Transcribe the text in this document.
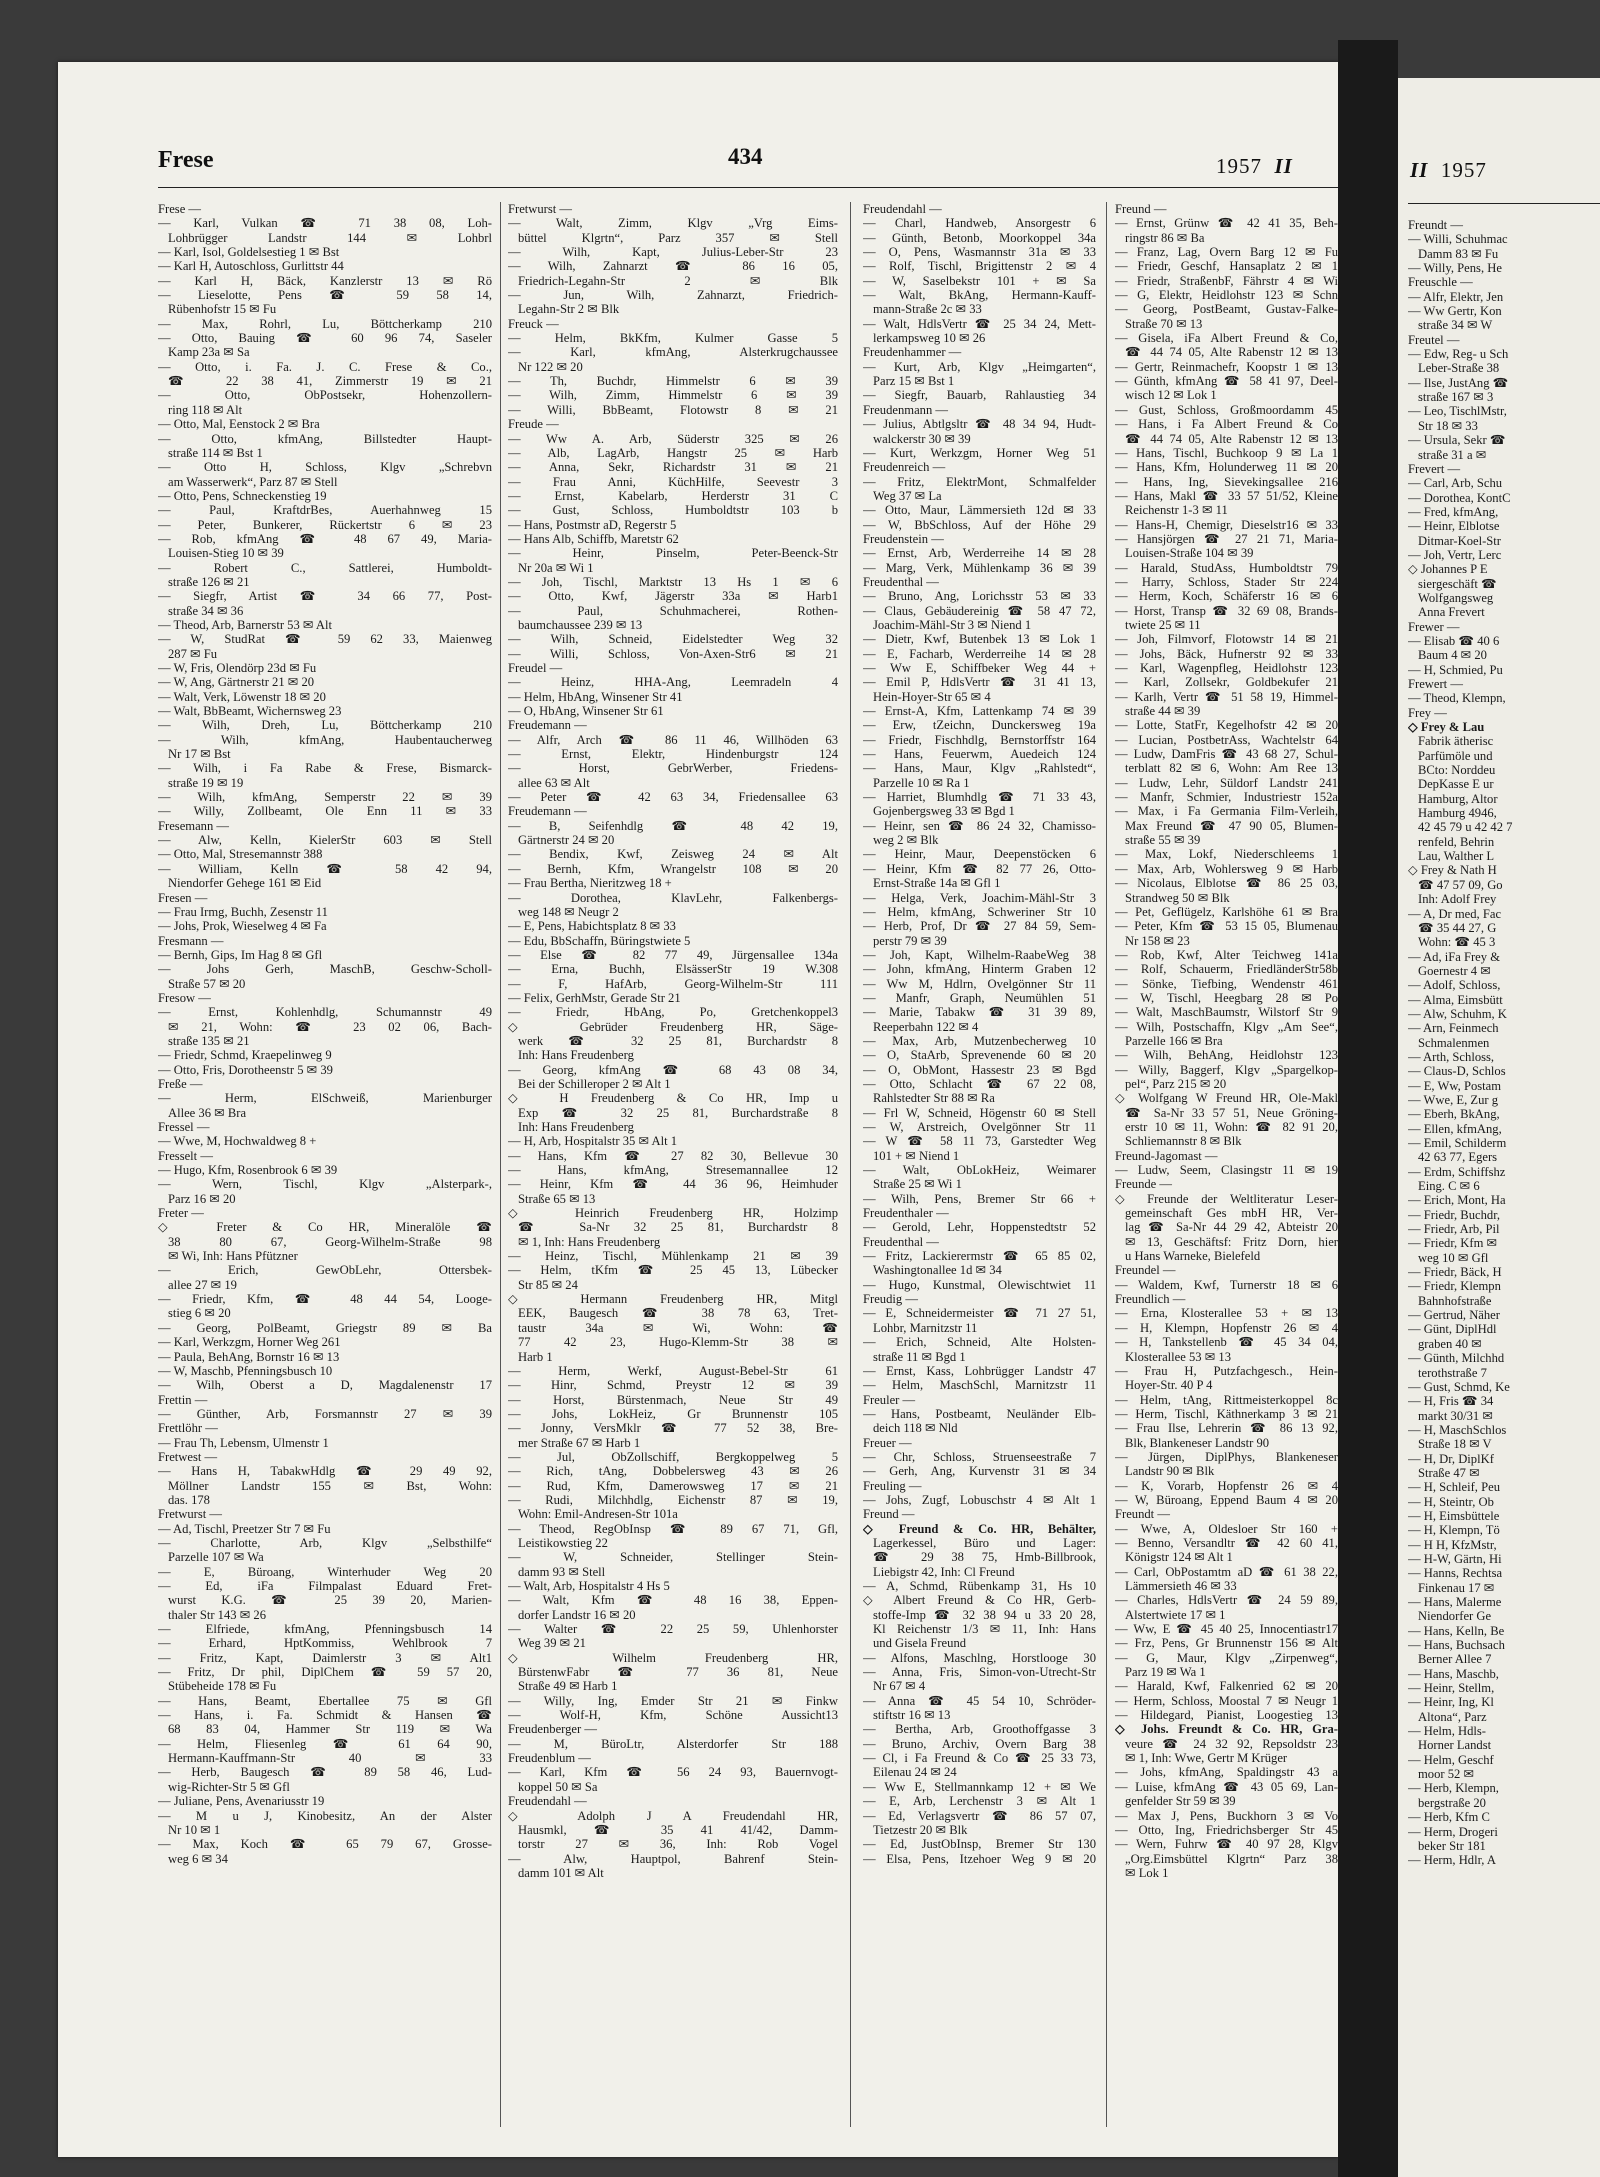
Frese	434	1957 II
Frese —
— Karl, Vulkan ☎ 71 38 08, Loh-
Lohbrügger Landstr 144 ✉ Lohbrl
— Karl, Isol, Goldelsestieg 1 ✉ Bst
— Karl H, Autoschloss, Gurlittstr 44
— Karl H, Bäck, Kanzlerstr 13 ✉ Rö
— Lieselotte, Pens ☎ 59 58 14,
Rübenhofstr 15 ✉ Fu
— Max, Rohrl, Lu, Böttcherkamp 210
— Otto, Bauing ☎ 60 96 74, Saseler
Kamp 23a ✉ Sa
— Otto, i. Fa. J. C. Frese & Co.,
☎ 22 38 41, Zimmerstr 19 ✉ 21
— Otto, ObPostsekr, Hohenzollern-
ring 118 ✉ Alt
— Otto, Mal, Eenstock 2 ✉ Bra
— Otto, kfmAng, Billstedter Haupt-
straße 114 ✉ Bst 1
— Otto H, Schloss, Klgv „Schrebvn
am Wasserwerk“, Parz 87 ✉ Stell
— Otto, Pens, Schneckenstieg 19
— Paul, KraftdrBes, Auerhahnweg 15
— Peter, Bunkerer, Rückertstr 6 ✉ 23
— Rob, kfmAng ☎ 48 67 49, Maria-
Louisen-Stieg 10 ✉ 39
— Robert C., Sattlerei, Humboldt-
straße 126 ✉ 21
— Siegfr, Artist ☎ 34 66 77, Post-
straße 34 ✉ 36
— Theod, Arb, Barnerstr 53 ✉ Alt
— W, StudRat ☎ 59 62 33, Maienweg
287 ✉ Fu
— W, Fris, Olendörp 23d ✉ Fu
— W, Ang, Gärtnerstr 21 ✉ 20
— Walt, Verk, Löwenstr 18 ✉ 20
— Walt, BbBeamt, Wichernsweg 23
— Wilh, Dreh, Lu, Böttcherkamp 210
— Wilh, kfmAng, Haubentaucherweg
Nr 17 ✉ Bst
— Wilh, i Fa Rabe & Frese, Bismarck-
straße 19 ✉ 19
— Wilh, kfmAng, Semperstr 22 ✉ 39
— Willy, Zollbeamt, Ole Enn 11 ✉ 33
Fresemann —
— Alw, Kelln, KielerStr 603 ✉ Stell
— Otto, Mal, Stresemannstr 388
— William, Kelln ☎ 58 42 94,
Niendorfer Gehege 161 ✉ Eid
Fresen —
— Frau Irmg, Buchh, Zesenstr 11
— Johs, Prok, Wieselweg 4 ✉ Fa
Fresmann —
— Bernh, Gips, Im Hag 8 ✉ Gfl
— Johs Gerh, MaschB, Geschw-Scholl-
Straße 57 ✉ 20
Fresow —
— Ernst, Kohlenhdlg, Schumannstr 49
✉ 21, Wohn: ☎ 23 02 06, Bach-
straße 135 ✉ 21
— Friedr, Schmd, Kraepelinweg 9
— Otto, Fris, Dorotheenstr 5 ✉ 39
Freße —
— Herm, ElSchweiß, Marienburger
Allee 36 ✉ Bra
Fressel —
— Wwe, M, Hochwaldweg 8 +
Fresselt —
— Hugo, Kfm, Rosenbrook 6 ✉ 39
— Wern, Tischl, Klgv „Alsterpark-,
Parz 16 ✉ 20
Freter —
◇ Freter & Co HR, Mineralöle ☎
38 80 67, Georg-Wilhelm-Straße 98
✉ Wi, Inh: Hans Pfützner
— Erich, GewObLehr, Ottersbek-
allee 27 ✉ 19
— Friedr, Kfm, ☎ 48 44 54, Looge-
stieg 6 ✉ 20
— Georg, PolBeamt, Griegstr 89 ✉ Ba
— Karl, Werkzgm, Horner Weg 261
— Paula, BehAng, Bornstr 16 ✉ 13
— W, Maschb, Pfenningsbusch 10
— Wilh, Oberst a D, Magdalenenstr 17
Frettin —
— Günther, Arb, Forsmannstr 27 ✉ 39
Frettlöhr —
— Frau Th, Lebensm, Ulmenstr 1
Fretwest —
— Hans H, TabakwHdlg ☎ 29 49 92,
Möllner Landstr 155 ✉ Bst, Wohn:
das. 178
Fretwurst —
— Ad, Tischl, Preetzer Str 7 ✉ Fu
— Charlotte, Arb, Klgv „Selbsthilfe“
Parzelle 107 ✉ Wa
— E, Büroang, Winterhuder Weg 20
— Ed, iFa Filmpalast Eduard Fret-
wurst K.G. ☎ 25 39 20, Marien-
thaler Str 143 ✉ 26
— Elfriede, kfmAng, Pfenningsbusch 14
— Erhard, HptKommiss, Wehlbrook 7
— Fritz, Kapt, Daimlerstr 3 ✉ Alt1
— Fritz, Dr phil, DiplChem ☎ 59 57 20,
Stübeheide 178 ✉ Fu
— Hans, Beamt, Ebertallee 75 ✉ Gfl
— Hans, i. Fa. Schmidt & Hansen ☎
68 83 04, Hammer Str 119 ✉ Wa
— Helm, Fliesenleg ☎ 61 64 90,
Hermann-Kauffmann-Str 40 ✉ 33
— Herb, Baugesch ☎ 89 58 46, Lud-
wig-Richter-Str 5 ✉ Gfl
— Juliane, Pens, Avenariusstr 19
— M u J, Kinobesitz, An der Alster
Nr 10 ✉ 1
— Max, Koch ☎ 65 79 67, Grosse-
weg 6 ✉ 34
Fretwurst —
— Walt, Zimm, Klgv „Vrg Eims-
büttel Klgrtn“, Parz 357 ✉ Stell
— Wilh, Kapt, Julius-Leber-Str 23
— Wilh, Zahnarzt ☎ 86 16 05,
Friedrich-Legahn-Str 2 ✉ Blk
— Jun, Wilh, Zahnarzt, Friedrich-
Legahn-Str 2 ✉ Blk
Freuck —
— Helm, BkKfm, Kulmer Gasse 5
— Karl, kfmAng, Alsterkrugchaussee
Nr 122 ✉ 20
— Th, Buchdr, Himmelstr 6 ✉ 39
— Wilh, Zimm, Himmelstr 6 ✉ 39
— Willi, BbBeamt, Flotowstr 8 ✉ 21
Freude —
— Ww A. Arb, Süderstr 325 ✉ 26
— Alb, LagArb, Hangstr 25 ✉ Harb
— Anna, Sekr, Richardstr 31 ✉ 21
— Frau Anni, KüchHilfe, Seevestr 3
— Ernst, Kabelarb, Herderstr 31 C
— Gust, Schloss, Humboldtstr 103 b
— Hans, Postmstr aD, Regerstr 5
— Hans Alb, Schiffb, Maretstr 62
— Heinr, Pinselm, Peter-Beenck-Str
Nr 20a ✉ Wi 1
— Joh, Tischl, Marktstr 13 Hs 1 ✉ 6
— Otto, Kwf, Jägerstr 33a ✉ Harb1
— Paul, Schuhmacherei, Rothen-
baumchaussee 239 ✉ 13
— Wilh, Schneid, Eidelstedter Weg 32
— Willi, Schloss, Von-Axen-Str6 ✉ 21
Freudel —
— Heinz, HHA-Ang, Leemradeln 4
— Helm, HbAng, Winsener Str 41
— O, HbAng, Winsener Str 61
Freudemann —
— Alfr, Arch ☎ 86 11 46, Willhöden 63
— Ernst, Elektr, Hindenburgstr 124
— Horst, GebrWerber, Friedens-
allee 63 ✉ Alt
— Peter ☎ 42 63 34, Friedensallee 63
Freudemann —
— B, Seifenhdlg ☎ 48 42 19,
Gärtnerstr 24 ✉ 20
— Bendix, Kwf, Zeisweg 24 ✉ Alt
— Bernh, Kfm, Wrangelstr 108 ✉ 20
— Frau Bertha, Nieritzweg 18 +
— Dorothea, KlavLehr, Falkenbergs-
weg 148 ✉ Neugr 2
— E, Pens, Habichtsplatz 8 ✉ 33
— Edu, BbSchaffn, Büringstwiete 5
— Else ☎ 82 77 49, Jürgensallee 134a
— Erna, Buchh, ElsässerStr 19 W.308
— F, HafArb, Georg-Wilhelm-Str 111
— Felix, GerhMstr, Gerade Str 21
— Friedr, HbAng, Po, Gretchenkoppel3
◇ Gebrüder Freudenberg HR, Säge-
werk ☎ 32 25 81, Burchardstr 8
Inh: Hans Freudenberg
— Georg, kfmAng ☎ 68 43 08 34,
Bei der Schilleroper 2 ✉ Alt 1
◇ H Freudenberg & Co HR, Imp u
Exp ☎ 32 25 81, Burchardstraße 8
Inh: Hans Freudenberg
— H, Arb, Hospitalstr 35 ✉ Alt 1
— Hans, Kfm ☎ 27 82 30, Bellevue 30
— Hans, kfmAng, Stresemannallee 12
— Heinr, Kfm ☎ 44 36 96, Heimhuder
Straße 65 ✉ 13
◇ Heinrich Freudenberg HR, Holzimp
☎ Sa-Nr 32 25 81, Burchardstr 8
✉ 1, Inh: Hans Freudenberg
— Heinz, Tischl, Mühlenkamp 21 ✉ 39
— Helm, tKfm ☎ 25 45 13, Lübecker
Str 85 ✉ 24
◇ Hermann Freudenberg HR, Mitgl
EEK, Baugesch ☎ 38 78 63, Tret-
taustr 34a ✉ Wi, Wohn: ☎
77 42 23, Hugo-Klemm-Str 38 ✉
Harb 1
— Herm, Werkf, August-Bebel-Str 61
— Hinr, Schmd, Preystr 12 ✉ 39
— Horst, Bürstenmach, Neue Str 49
— Johs, LokHeiz, Gr Brunnenstr 105
— Jonny, VersMklr ☎ 77 52 38, Bre-
mer Straße 67 ✉ Harb 1
— Jul, ObZollschiff, Bergkoppelweg 5
— Rich, tAng, Dobbelersweg 43 ✉ 26
— Rud, Kfm, Damerowsweg 17 ✉ 21
— Rudi, Milchhdlg, Eichenstr 87 ✉ 19,
Wohn: Emil-Andresen-Str 101a
— Theod, RegObInsp ☎ 89 67 71, Gfl,
Leistikowstieg 22
— W, Schneider, Stellinger Stein-
damm 93 ✉ Stell
— Walt, Arb, Hospitalstr 4 Hs 5
— Walt, Kfm ☎ 48 16 38, Eppen-
dorfer Landstr 16 ✉ 20
— Walter ☎ 22 25 59, Uhlenhorster
Weg 39 ✉ 21
◇ Wilhelm Freudenberg HR,
BürstenwFabr ☎ 77 36 81, Neue
Straße 49 ✉ Harb 1
— Willy, Ing, Emder Str 21 ✉ Finkw
— Wolf-H, Kfm, Schöne Aussicht13
Freudenberger —
— M, BüroLtr, Alsterdorfer Str 188
Freudenblum —
— Karl, Kfm ☎ 56 24 93, Bauernvogt-
koppel 50 ✉ Sa
Freudendahl —
◇ Adolph J A Freudendahl HR,
Hausmkl, ☎ 35 41 41/42, Damm-
torstr 27 ✉ 36, Inh: Rob Vogel
— Alw, Hauptpol, Bahrenf Stein-
damm 101 ✉ Alt
Freudendahl —
— Charl, Handweb, Ansorgestr 6
— Günth, Betonb, Moorkoppel 34a
— O, Pens, Wasmannstr 31a ✉ 33
— Rolf, Tischl, Brigittenstr 2 ✉ 4
— W, Saselbekstr 101 + ✉ Sa
— Walt, BkAng, Hermann-Kauff-
mann-Straße 2c ✉ 33
— Walt, HdlsVertr ☎ 25 34 24, Mett-
lerkampsweg 10 ✉ 26
Freudenhammer —
— Kurt, Arb, Klgv „Heimgarten“,
Parz 15 ✉ Bst 1
— Siegfr, Bauarb, Rahlaustieg 34
Freudenmann —
— Julius, Abtlgsltr ☎ 48 34 94, Hudt-
walckerstr 30 ✉ 39
— Kurt, Werkzgm, Horner Weg 51
Freudenreich —
— Fritz, ElektrMont, Schmalfelder
Weg 37 ✉ La
— Otto, Maur, Lämmersieth 12d ✉ 33
— W, BbSchloss, Auf der Höhe 29
Freudenstein —
— Ernst, Arb, Werderreihe 14 ✉ 28
— Marg, Verk, Mühlenkamp 36 ✉ 39
Freudenthal —
— Bruno, Ang, Lorichsstr 53 ✉ 33
— Claus, Gebäudereinig ☎ 58 47 72,
Joachim-Mähl-Str 3 ✉ Niend 1
— Dietr, Kwf, Butenbek 13 ✉ Lok 1
— E, Facharb, Werderreihe 14 ✉ 28
— Ww E, Schiffbeker Weg 44 +
— Emil P, HdlsVertr ☎ 31 41 13,
Hein-Hoyer-Str 65 ✉ 4
— Ernst-A, Kfm, Lattenkamp 74 ✉ 39
— Erw, tZeichn, Dunckersweg 19a
— Friedr, Fischhdlg, Bernstorffstr 164
— Hans, Feuerwm, Auedeich 124
— Hans, Maur, Klgv „Rahlstedt“,
Parzelle 10 ✉ Ra 1
— Harriet, Blumhdlg ☎ 71 33 43,
Gojenbergsweg 33 ✉ Bgd 1
— Heinr, sen ☎ 86 24 32, Chamisso-
weg 2 ✉ Blk
— Heinr, Maur, Deepenstöcken 6
— Heinr, Kfm ☎ 82 77 26, Otto-
Ernst-Straße 14a ✉ Gfl 1
— Helga, Verk, Joachim-Mähl-Str 3
— Helm, kfmAng, Schweriner Str 10
— Herb, Prof, Dr ☎ 27 84 59, Sem-
perstr 79 ✉ 39
— Joh, Kapt, Wilhelm-RaabeWeg 38
— John, kfmAng, Hinterm Graben 12
— Ww M, Hdlrn, Ovelgönner Str 11
— Manfr, Graph, Neumühlen 51
— Marie, Tabakw ☎ 31 39 89,
Reeperbahn 122 ✉ 4
— Max, Arb, Mutzenbecherweg 10
— O, StaArb, Sprevenende 60 ✉ 20
— O, ObMont, Hassestr 23 ✉ Bgd
— Otto, Schlacht ☎ 67 22 08,
Rahlstedter Str 88 ✉ Ra
— Frl W, Schneid, Högenstr 60 ✉ Stell
— W, Arstreich, Ovelgönner Str 11
— W ☎ 58 11 73, Garstedter Weg
101 + ✉ Niend 1
— Walt, ObLokHeiz, Weimarer
Straße 25 ✉ Wi 1
— Wilh, Pens, Bremer Str 66 +
Freudenthaler —
— Gerold, Lehr, Hoppenstedtstr 52
Freudenthal —
— Fritz, Lackierermstr ☎ 65 85 02,
Washingtonallee 1d ✉ 34
— Hugo, Kunstmal, Olewischtwiet 11
Freudig —
— E, Schneidermeister ☎ 71 27 51,
Lohbr, Marnitzstr 11
— Erich, Schneid, Alte Holsten-
straße 11 ✉ Bgd 1
— Ernst, Kass, Lohbrügger Landstr 47
— Helm, MaschSchl, Marnitzstr 11
Freuler —
— Hans, Postbeamt, Neuländer Elb-
deich 118 ✉ Nld
Freuer —
— Chr, Schloss, Struenseestraße 7
— Gerh, Ang, Kurvenstr 31 ✉ 34
Freuling —
— Johs, Zugf, Lobuschstr 4 ✉ Alt 1
Freund —
◇ Freund & Co. HR, Behälter,
Lagerkessel, Büro und Lager:
☎ 29 38 75, Hmb-Billbrook,
Liebigstr 42, Inh: Cl Freund
— A, Schmd, Rübenkamp 31, Hs 10
◇ Albert Freund & Co HR, Gerb-
stoffe-Imp ☎ 32 38 94 u 33 20 28,
Kl Reichenstr 1/3 ✉ 11, Inh: Hans
und Gisela Freund
— Alfons, Maschlng, Horstlooge 30
— Anna, Fris, Simon-von-Utrecht-Str
Nr 67 ✉ 4
— Anna ☎ 45 54 10, Schröder-
stiftstr 16 ✉ 13
— Bertha, Arb, Groothoffgasse 3
— Bruno, Archiv, Overn Barg 38
— Cl, i Fa Freund & Co ☎ 25 33 73,
Eilenau 24 ✉ 24
— Ww E, Stellmannkamp 12 + ✉ We
— E, Arb, Lerchenstr 3 ✉ Alt 1
— Ed, Verlagsvertr ☎ 86 57 07,
Tietzestr 20 ✉ Blk
— Ed, JustObInsp, Bremer Str 130
— Elsa, Pens, Itzehoer Weg 9 ✉ 20
Freund —
— Ernst, Grünw ☎ 42 41 35, Beh-
ringstr 86 ✉ Ba
— Franz, Lag, Overn Barg 12 ✉ Fu
— Friedr, Geschf, Hansaplatz 2 ✉ 1
— Friedr, StraßenbF, Fährstr 4 ✉ Wi
— G, Elektr, Heidlohstr 123 ✉ Schn
— Georg, PostBeamt, Gustav-Falke-
Straße 70 ✉ 13
— Gisela, iFa Albert Freund & Co,
☎ 44 74 05, Alte Rabenstr 12 ✉ 13
— Gertr, Reinmachefr, Koopstr 1 ✉ 13
— Günth, kfmAng ☎ 58 41 97, Deel-
wisch 12 ✉ Lok 1
— Gust, Schloss, Großmoordamm 45
— Hans, i Fa Albert Freund & Co
☎ 44 74 05, Alte Rabenstr 12 ✉ 13
— Hans, Tischl, Buchkoop 9 ✉ La 1
— Hans, Kfm, Holunderweg 11 ✉ 20
— Hans, Ing, Sievekingsallee 216
— Hans, Makl ☎ 33 57 51/52, Kleine
Reichenstr 1-3 ✉ 11
— Hans-H, Chemigr, Dieselstr16 ✉ 33
— Hansjörgen ☎ 27 21 71, Maria-
Louisen-Straße 104 ✉ 39
— Harald, StudAss, Humboldtstr 79
— Harry, Schloss, Stader Str 224
— Herm, Koch, Schäferstr 16 ✉ 6
— Horst, Transp ☎ 32 69 08, Brands-
twiete 25 ✉ 11
— Joh, Filmvorf, Flotowstr 14 ✉ 21
— Johs, Bäck, Hufnerstr 92 ✉ 33
— Karl, Wagenpfleg, Heidlohstr 123
— Karl, Zollsekr, Goldbekufer 21
— Karlh, Vertr ☎ 51 58 19, Himmel-
straße 44 ✉ 39
— Lotte, StatFr, Kegelhofstr 42 ✉ 20
— Lucian, PostbetrAss, Wachtelstr 64
— Ludw, DamFris ☎ 43 68 27, Schul-
terblatt 82 ✉ 6, Wohn: Am Ree 13
— Ludw, Lehr, Süldorf Landstr 241
— Manfr, Schmier, Industriestr 152a
— Max, i Fa Germania Film-Verleih,
Max Freund ☎ 47 90 05, Blumen-
straße 55 ✉ 39
— Max, Lokf, Niederschleems 1
— Max, Arb, Wohlersweg 9 ✉ Harb
— Nicolaus, Elblotse ☎ 86 25 03,
Strandweg 50 ✉ Blk
— Pet, Geflügelz, Karlshöhe 61 ✉ Bra
— Peter, Kfm ☎ 53 15 05, Blumenau
Nr 158 ✉ 23
— Rob, Kwf, Alter Teichweg 141a
— Rolf, Schauerm, FriedländerStr58b
— Sönke, Tiefbing, Wendenstr 461
— W, Tischl, Heegbarg 28 ✉ Po
— Walt, MaschBaumstr, Wilstorf Str 9
— Wilh, Postschaffn, Klgv „Am See“,
Parzelle 166 ✉ Bra
— Wilh, BehAng, Heidlohstr 123
— Willy, Baggerf, Klgv „Spargelkop-
pel“, Parz 215 ✉ 20
◇ Wolfgang W Freund HR, Ole-Makl
☎ Sa-Nr 33 57 51, Neue Gröning-
erstr 10 ✉ 11, Wohn: ☎ 82 91 20,
Schliemannstr 8 ✉ Blk
Freund-Jagomast —
— Ludw, Seem, Clasingstr 11 ✉ 19
Freunde —
◇ Freunde der Weltliteratur Leser-
gemeinschaft Ges mbH HR, Ver-
lag ☎ Sa-Nr 44 29 42, Abteistr 20
✉ 13, Geschäftsf: Fritz Dorn, hier
u Hans Warneke, Bielefeld
Freundel —
— Waldem, Kwf, Turnerstr 18 ✉ 6
Freundlich —
— Erna, Klosterallee 53 + ✉ 13
— H, Klempn, Hopfenstr 26 ✉ 4
— H, Tankstellenb ☎ 45 34 04,
Klosterallee 53 ✉ 13
— Frau H, Putzfachgesch., Hein-
Hoyer-Str. 40 P 4
— Helm, tAng, Rittmeisterkoppel 8c
— Herm, Tischl, Käthnerkamp 3 ✉ 21
— Frau Ilse, Lehrerin ☎ 86 13 92,
Blk, Blankeneser Landstr 90
— Jürgen, DiplPhys, Blankeneser
Landstr 90 ✉ Blk
— K, Vorarb, Hopfenstr 26 ✉ 4
— W, Büroang, Eppend Baum 4 ✉ 20
Freundt —
— Wwe, A, Oldesloer Str 160 +
— Benno, Versandltr ☎ 42 60 41,
Königstr 124 ✉ Alt 1
— Carl, ObPostamtm aD ☎ 61 38 22,
Lämmersieth 46 ✉ 33
— Charles, HdlsVertr ☎ 24 59 89,
Alstertwiete 17 ✉ 1
— Ww, E ☎ 45 40 25, Innocentiastr17
— Frz, Pens, Gr Brunnenstr 156 ✉ Alt
— G, Maur, Klgv „Zirpenweg“,
Parz 19 ✉ Wa 1
— Harald, Kwf, Falkenried 62 ✉ 20
— Herm, Schloss, Moostal 7 ✉ Neugr 1
— Hildegard, Pianist, Loogestieg 13
◇ Johs. Freundt & Co. HR, Gra-
veure ☎ 24 32 92, Repsoldstr 23
✉ 1, Inh: Wwe, Gertr M Krüger
— Johs, kfmAng, Spaldingstr 43 a
— Luise, kfmAng ☎ 43 05 69, Lan-
genfelder Str 59 ✉ 39
— Max J, Pens, Buckhorn 3 ✉ Vo
— Otto, Ing, Friedrichsberger Str 45
— Wern, Fuhrw ☎ 40 97 28, Klgv
„Org.Eimsbüttel Klgrtn“ Parz 38
✉ Lok 1
II 1957
Freundt —
— Willi, Schuhmac
Damm 83 ✉ Fu
— Willy, Pens, He
Freuschle —
— Alfr, Elektr, Jen
— Ww Gertr, Kon
straße 34 ✉ W
Freutel —
— Edw, Reg- u Sch
Leber-Straße 38
— Ilse, JustAng ☎
straße 167 ✉ 3
— Leo, TischlMstr,
Str 18 ✉ 33
— Ursula, Sekr ☎
straße 31 a ✉
Frevert —
— Carl, Arb, Schu
— Dorothea, KontC
— Fred, kfmAng,
— Heinr, Elblotse
Ditmar-Koel-Str
— Joh, Vertr, Lerc
◇ Johannes P E
siergeschäft ☎
Wolfgangsweg
Anna Frevert
Frewer —
— Elisab ☎ 40 6
Baum 4 ✉ 20
— H, Schmied, Pu
Frewert —
— Theod, Klempn,
Frey —
◇ Frey & Lau
Fabrik ätherisc
Parfümöle und
BCto: Norddeu
DepKasse E ur
Hamburg, Altor
Hamburg 4946,
42 45 79 u 42 42 7
renfeld, Behrin
Lau, Walther L
◇ Frey & Nath H
☎ 47 57 09, Go
Inh: Adolf Frey
— A, Dr med, Fac
☎ 35 44 27, G
Wohn: ☎ 45 3
— Ad, iFa Frey &
Goernestr 4 ✉
— Adolf, Schloss,
— Alma, Eimsbütt
— Alw, Schuhm, K
— Arn, Feinmech
Schmalenmen
— Arth, Schloss,
— Claus-D, Schlos
— E, Ww, Postam
— Wwe, E, Zur g
— Eberh, BkAng,
— Ellen, kfmAng,
— Emil, Schilderm
42 63 77, Egers
— Erdm, Schiffshz
Eing. C ✉ 6
— Erich, Mont, Ha
— Friedr, Buchdr,
— Friedr, Arb, Pil
— Friedr, Kfm ✉
weg 10 ✉ Gfl
— Friedr, Bäck, H
— Friedr, Klempn
Bahnhofstraße
— Gertrud, Näher
— Günt, DiplHdl
graben 40 ✉
— Günth, Milchhd
terothstraße 7
— Gust, Schmd, Ke
— H, Fris ☎ 34
markt 30/31 ✉
— H, MaschSchlos
Straße 18 ✉ V
— H, Dr, DiplKf
Straße 47 ✉
— H, Schleif, Peu
— H, Steintr, Ob
— H, Eimsbüttele
— H, Klempn, Tö
— H H, KfzMstr,
— H-W, Gärtn, Hi
— Hanns, Rechtsa
Finkenau 17 ✉
— Hans, Malerme
Niendorfer Ge
— Hans, Kelln, Be
— Hans, Buchsach
Berner Allee 7
— Hans, Maschb,
— Heinr, Stellm,
— Heinr, Ing, Kl
Altona“, Parz
— Helm, Hdls-
Horner Landst
— Helm, Geschf
moor 52 ✉
— Herb, Klempn,
bergstraße 20
— Herb, Kfm C
— Herm, Drogeri
beker Str 181
— Herm, Hdlr, A
